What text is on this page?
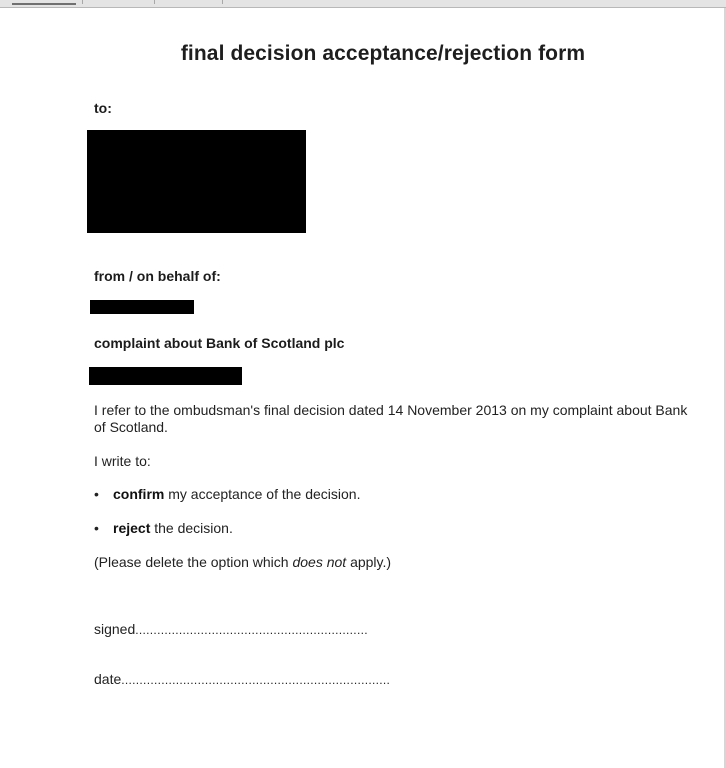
final decision acceptance/rejection form
to:
from / on behalf of:
complaint about Bank of Scotland plc
I refer to the ombudsman's final decision dated 14 November 2013 on my complaint about Bank of Scotland.
I write to:
• confirm my acceptance of the decision.
• reject the decision.
(Please delete the option which does not apply.)
signed................................................................
date..........................................................................
